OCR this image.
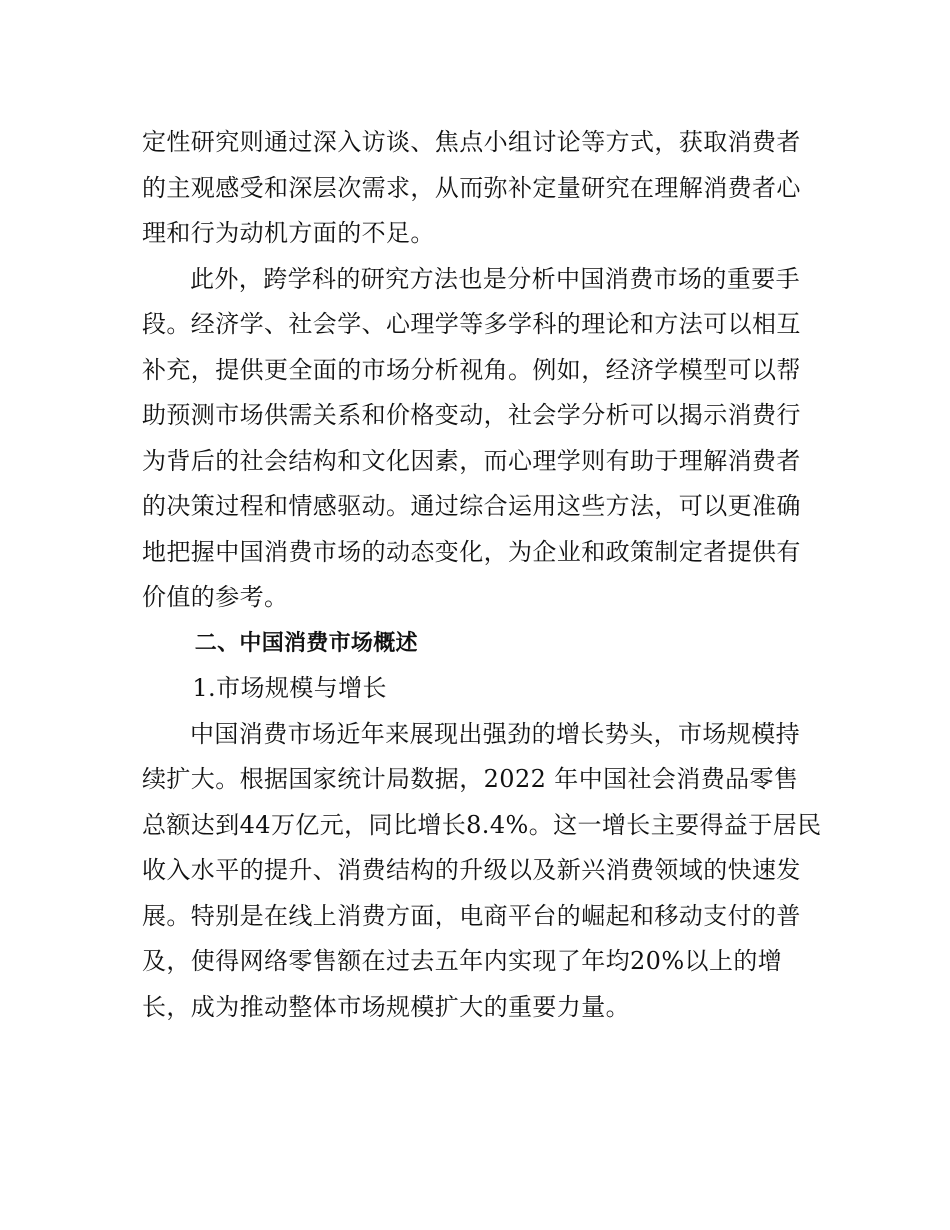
定性研究则通过深入访谈、焦点小组讨论等方式，获取消费者的主观感受和深层次需求，从而弥补定量研究在理解消费者心理和行为动机方面的不足。

此外，跨学科的研究方法也是分析中国消费市场的重要手段。经济学、社会学、心理学等多学科的理论和方法可以相互补充，提供更全面的市场分析视角。例如，经济学模型可以帮助预测市场供需关系和价格变动，社会学分析可以揭示消费行为背后的社会结构和文化因素，而心理学则有助于理解消费者的决策过程和情感驱动。通过综合运用这些方法，可以更准确地把握中国消费市场的动态变化，为企业和政策制定者提供有价值的参考。

二、中国消费市场概述

1.市场规模与增长

中国消费市场近年来展现出强劲的增长势头，市场规模持续扩大。根据国家统计局数据，2022 年中国社会消费品零售总额达到44万亿元，同比增长8.4%。这一增长主要得益于居民收入水平的提升、消费结构的升级以及新兴消费领域的快速发展。特别是在线上消费方面，电商平台的崛起和移动支付的普及，使得网络零售额在过去五年内实现了年均20%以上的增长，成为推动整体市场规模扩大的重要力量。
